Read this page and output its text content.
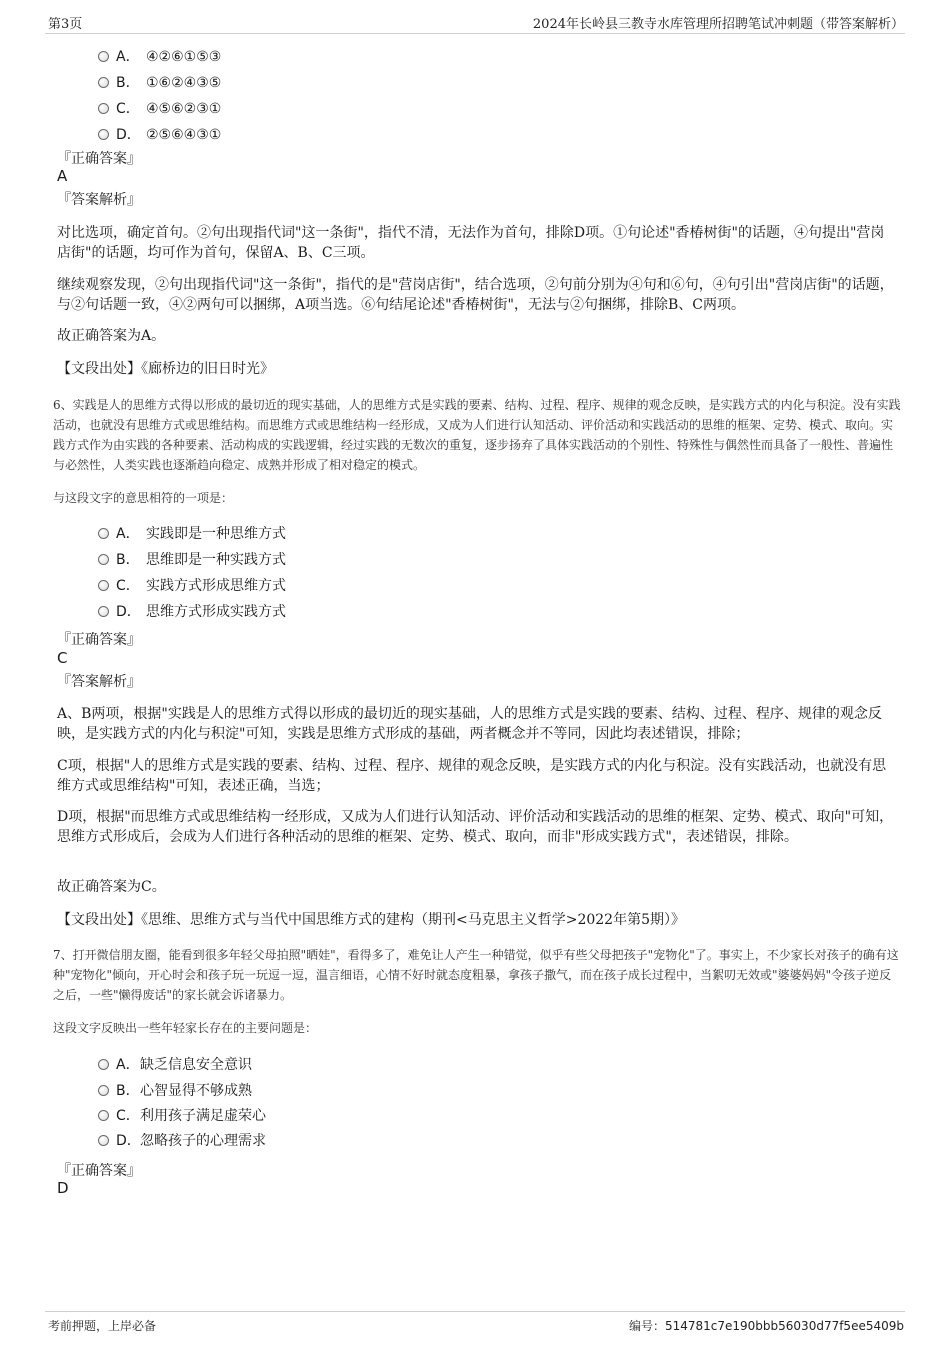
第3页	2024年长岭县三教寺水库管理所招聘笔试冲刺题（带答案解析）
A． ④②⑥①⑤③
B． ①⑥②④③⑤
C． ④⑤⑥②③①
D． ②⑤⑥④③①
『正确答案』
A
『答案解析』
对比选项，确定首句。②句出现指代词"这一条街"，指代不清，无法作为首句，排除D项。①句论述"香椿树街"的话题，④句提出"营岗店街"的话题，均可作为首句，保留A、B、C三项。
继续观察发现，②句出现指代词"这一条街"，指代的是"营岗店街"，结合选项，②句前分别为④句和⑥句，④句引出"营岗店街"的话题，与②句话题一致，④②两句可以捆绑，A项当选。⑥句结尾论述"香椿树街"，无法与②句捆绑，排除B、C两项。
故正确答案为A。
【文段出处】《廊桥边的旧日时光》
6、实践是人的思维方式得以形成的最切近的现实基础，人的思维方式是实践的要素、结构、过程、程序、规律的观念反映，是实践方式的内化与积淀。没有实践活动，也就没有思维方式或思维结构。而思维方式或思维结构一经形成，又成为人们进行认知活动、评价活动和实践活动的思维的框架、定势、模式、取向。实践方式作为由实践的各种要素、活动构成的实践逻辑，经过实践的无数次的重复，逐步扬弃了具体实践活动的个别性、特殊性与偶然性而具备了一般性、普遍性与必然性，人类实践也逐渐趋向稳定、成熟并形成了相对稳定的模式。
与这段文字的意思相符的一项是：
A． 实践即是一种思维方式
B． 思维即是一种实践方式
C． 实践方式形成思维方式
D． 思维方式形成实践方式
『正确答案』
C
『答案解析』
A、B两项，根据"实践是人的思维方式得以形成的最切近的现实基础，人的思维方式是实践的要素、结构、过程、程序、规律的观念反映，是实践方式的内化与积淀"可知，实践是思维方式形成的基础，两者概念并不等同，因此均表述错误，排除；
C项，根据"人的思维方式是实践的要素、结构、过程、程序、规律的观念反映，是实践方式的内化与积淀。没有实践活动，也就没有思维方式或思维结构"可知，表述正确，当选；
D项，根据"而思维方式或思维结构一经形成，又成为人们进行认知活动、评价活动和实践活动的思维的框架、定势、模式、取向"可知，思维方式形成后，会成为人们进行各种活动的思维的框架、定势、模式、取向，而非"形成实践方式"，表述错误，排除。
故正确答案为C。
【文段出处】《思维、思维方式与当代中国思维方式的建构（期刊<马克思主义哲学>2022年第5期）》
7、打开微信朋友圈，能看到很多年轻父母拍照"晒娃"，看得多了，难免让人产生一种错觉，似乎有些父母把孩子"宠物化"了。事实上，不少家长对孩子的确有这种"宠物化"倾向，开心时会和孩子玩一玩逗一逗，温言细语，心情不好时就态度粗暴，拿孩子撒气，而在孩子成长过程中，当絮叨无效或"婆婆妈妈"令孩子逆反之后，一些"懒得废话"的家长就会诉诸暴力。
这段文字反映出一些年轻家长存在的主要问题是：
A．缺乏信息安全意识
B．心智显得不够成熟
C．利用孩子满足虚荣心
D．忽略孩子的心理需求
『正确答案』
D
考前押题，上岸必备	编号：514781c7e190bbb56030d77f5ee5409b
